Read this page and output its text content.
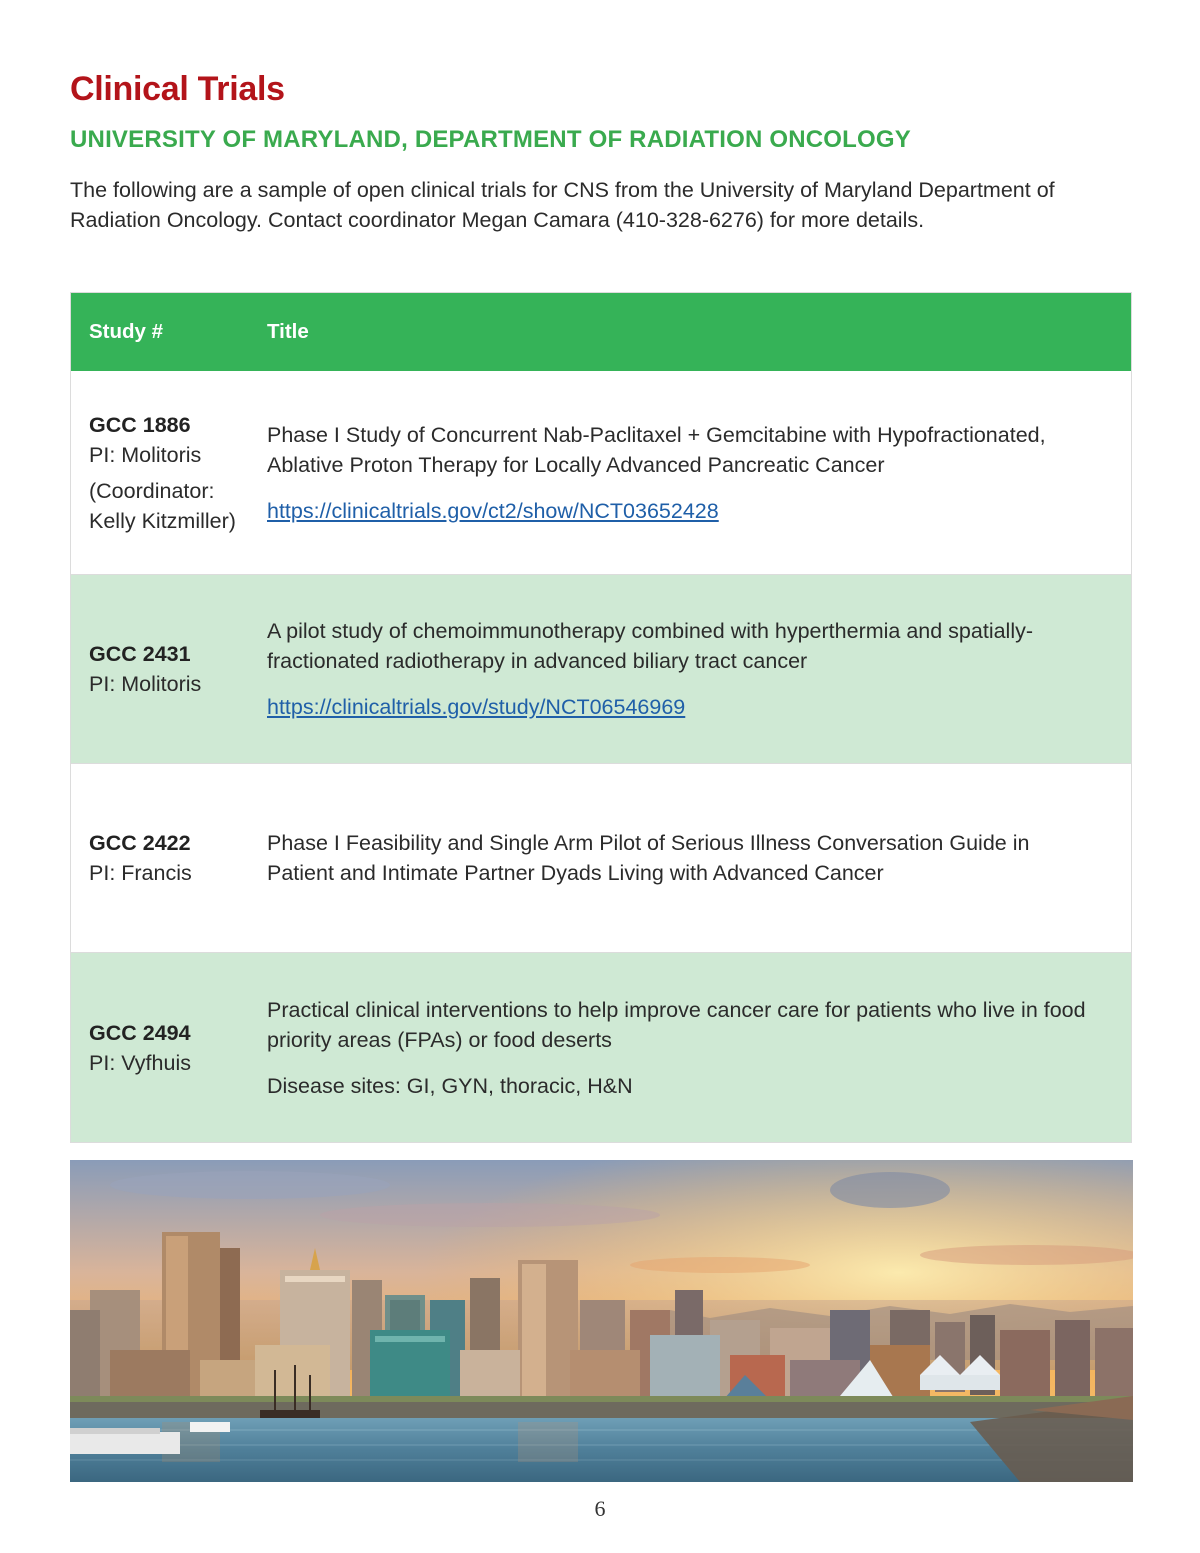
Clinical Trials
UNIVERSITY OF MARYLAND, DEPARTMENT OF RADIATION ONCOLOGY

The following are a sample of open clinical trials for CNS from the University of Maryland Department of Radiation Oncology. Contact coordinator Megan Camara (410-328-6276) for more details.

Study #	Title
GCC 1886
PI: Molitoris
(Coordinator: Kelly Kitzmiller)

Phase I Study of Concurrent Nab-Paclitaxel + Gemcitabine with Hypofractionated, Ablative Proton Therapy for Locally Advanced Pancreatic Cancer

https://clinicaltrials.gov/ct2/show/NCT03652428
GCC 2431
PI: Molitoris

A pilot study of chemoimmunotherapy combined with hyperthermia and spatially-fractionated radiotherapy in advanced biliary tract cancer

https://clinicaltrials.gov/study/NCT06546969
GCC 2422
PI: Francis

Phase I Feasibility and Single Arm Pilot of Serious Illness Conversation Guide in Patient and Intimate Partner Dyads Living with Advanced Cancer

GCC 2494
PI: Vyfhuis

Practical clinical interventions to help improve cancer care for patients who live in food priority areas (FPAs) or food deserts

Disease sites: GI, GYN, thoracic, H&N
6
